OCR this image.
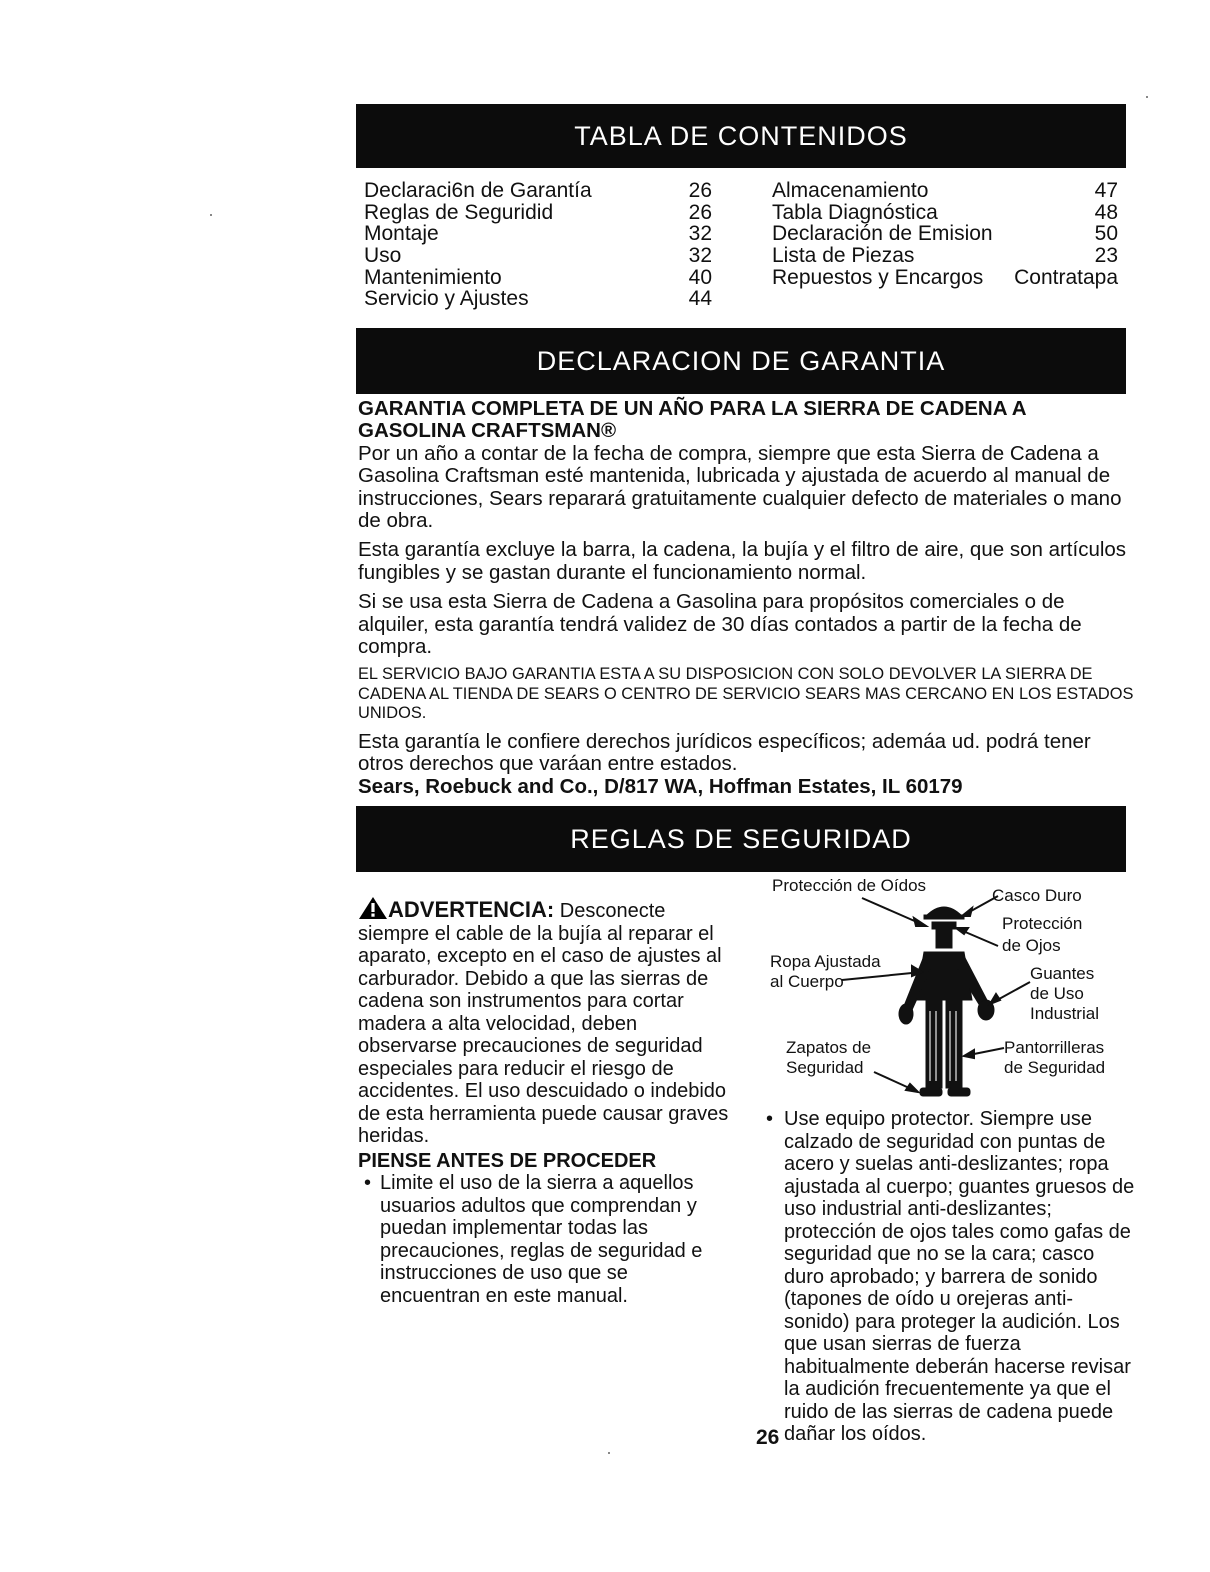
TABLA DE CONTENIDOS
Declaraci6n de Garantía	26
Reglas de Seguridid	26
Montaje	32
Uso	32
Mantenimiento	40
Servicio y Ajustes	44
Almacenamiento	47
Tabla Diagnóstica	48
Declaración de Emision	50
Lista de Piezas	23
Repuestos y Encargos Contratapa
DECLARACION DE GARANTIA

GARANTIA COMPLETA DE UN AÑO PARA LA SIERRA DE CADENA A GASOLINA CRAFTSMAN®

Por un año a contar de la fecha de compra, siempre que esta Sierra de Cadena a Gasolina Craftsman esté mantenida, lubricada y ajustada de acuerdo al manual de instrucciones, Sears reparará gratuitamente cualquier defecto de materiales o mano de obra.

Esta garantía excluye la barra, la cadena, la bujía y el filtro de aire, que son artículos fungibles y se gastan durante el funcionamiento normal.

Si se usa esta Sierra de Cadena a Gasolina para propósitos comerciales o de alquiler, esta garantía tendrá validez de 30 días contados a partir de la fecha de compra.

EL SERVICIO BAJO GARANTIA ESTA A SU DISPOSICION CON SOLO DEVOLVER LA SIERRA DE CADENA AL TIENDA DE SEARS O CENTRO DE SERVICIO SEARS MAS CERCANO EN LOS ESTADOS UNIDOS.

Esta garantía le confiere derechos jurídicos específicos; ademáa ud. podrá tener otros derechos que varáan entre estados.

Sears, Roebuck and Co., D/817 WA, Hoffman Estates, IL 60179

REGLAS DE SEGURIDAD
ADVERTENCIA: Desconecte siempre el cable de la bujía al reparar el aparato, excepto en el caso de ajustes al carburador. Debido a que las sierras de cadena son instrumentos para cortar madera a alta velocidad, deben observarse precauciones de seguridad especiales para reducir el riesgo de accidentes. El uso descuidado o indebido de esta herramienta puede causar graves heridas.
PIENSE ANTES DE PROCEDER
• Limite el uso de la sierra a aquellos usuarios adultos que comprendan y puedan implementar todas las precauciones, reglas de seguridad e instrucciones de uso que se encuentran en este manual.
Protección de Oídos
Casco Duro
Protección
de Ojos
Ropa Ajustada
al Cuerpo	Guantes
de Uso
Industrial
Zapatos de
Seguridad
Pantorrilleras
de Seguridad
• Use equipo protector. Siempre use calzado de seguridad con puntas de acero y suelas anti-deslizantes; ropa ajustada al cuerpo; guantes gruesos de uso industrial anti-deslizantes; protección de ojos tales como gafas de seguridad que no se la cara; casco duro aprobado; y barrera de sonido (tapones de oído u orejeras anti-sonido) para proteger la audición. Los que usan sierras de fuerza habitualmente deberán hacerse revisar la audición frecuentemente ya que el ruido de las sierras de cadena puede dañar los oídos.
26
